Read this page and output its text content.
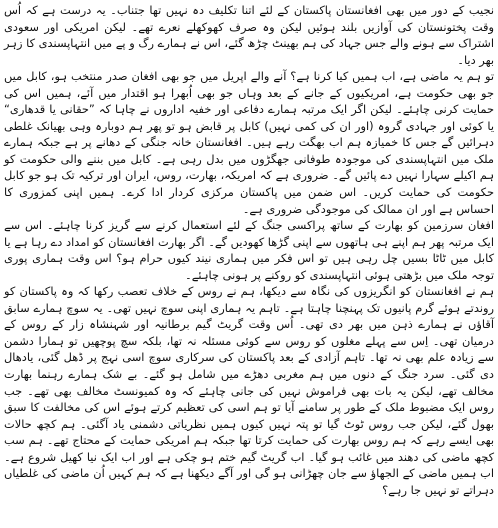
نجیب کے دور میں بھی افغانستان پاکستان کے لئے اتنا تکلیف دہ نہیں تھا جتناب۔ یہ درست ہے کہ اُس وقت پختونستان کی آوازیں بلند ہوئیں لیکن وہ صرف کھوکھلے نعرے تھے۔ لیکن امریکی اور سعودی اشتراک سے ہونے والے جس جہاد کی ہم بھینٹ چڑھ گئے، اس نے ہمارے رگ و پے میں انتہاپسندی کا زہر بھر دیا۔

تو ہم یہ ماضی ہے، اب ہمیں کیا کرنا ہے؟ آنے والے اپریل میں جو بھی افغان صدر منتخب ہو، کابل میں جو بھی حکومت ہے، امریکیوں کے جانے کے بعد وہاں جو بھی اُبھرا ہو اقتدار میں آئے، ہمیں اس کی حمایت کرنی چاہئے۔ لیکن اگر ایک مرتبہ ہمارے دفاعی اور خفیہ اداروں نے چاہا کہ ”حقانی یا قدھاری“ یا کوئی اور جہادی گروہ (اور ان کی کمی نہیں) کابل پر قابض ہو تو پھر ہم دوبارہ وہی بھیانک غلطی دہرائیں گے جس کا خمیازہ ہم اب بھگت رہے ہیں۔ افغانستان خانہ جنگی کے دھانے پر ہے جبکہ ہمارے ملک میں انتہاپسندی کی موجودہ طوفانی جھگڑوں میں بدل رہی ہے۔ کابل میں بننے والی حکومت کو ہم اکیلے سہارا نہیں دے پائیں گے۔ ضروری ہے کہ امریکہ، بھارت، روس، ایران اور ترکیہ تک ہو جو کابل حکومت کی حمایت کریں۔ اس ضمن میں پاکستان مرکزی کردار ادا کرے۔ ہمیں اپنی کمزوری کا احساس ہے اور ان ممالک کی موجودگی ضروری ہے۔

افغان سرزمین کو بھارت کے ساتھ پراکسی جنگ کے لئے استعمال کرنے سے گریز کرنا چاہئے۔ اس سے ایک مرتبہ پھر ہم اپنے ہی ہاتھوں سے اپنی گڑھا کھودیں گے۔ اگر بھارت افغانستان کو امداد دے رہا ہے یا کابل میں ٹاٹا بسیں چل رہی ہیں تو اس فکر میں ہماری نیند کیوں حرام ہو؟ اس وقت ہماری پوری توجہ ملک میں بڑھتی ہوئی انتہاپسندی کو روکنے پر ہونی چاہئے۔

ہم نے افغانستان کو انگریزوں کی نگاہ سے دیکھا، ہم نے روس کے خلاف تعصب رکھا کہ وہ پاکستان کو روندتے ہوئے گرم پانیوں تک پہنچنا چاہتا ہے۔ تاہم یہ ہماری اپنی سوچ نہیں تھی۔ یہ سوچ ہمارے سابق آقاؤں نے ہمارے ذہن میں بھر دی تھی۔ اُس وقت گریٹ گیم برطانیہ اور شہنشاہ زار کے روس کے درمیان تھی۔ اِس سے پہلے مغلوں کو روس سے کوئی مسئلہ نہ تھا، بلکہ سچ پوچھیں تو ہمارا دشمن سے زیادہ علم بھی نہ تھا۔ تاہم آزادی کے بعد پاکستان کی سرکاری سوچ اسی نہج پر ڈھل گئی، یادھال دی گئی۔ سرد جنگ کے دنوں میں ہم مغربی دھڑے میں شامل ہو گئے۔ بے شک ہمارے رہنما بھارت مخالف تھے، لیکن یہ بات بھی فراموش نہیں کی جانی چاہئے کہ وہ کمیونسٹ مخالف بھی تھے۔ جب روس ایک مضبوط ملک کے طور پر سامنے آیا تو ہم اسی کی تعظیم کرتے ہوئے اس کی مخالفت کا سبق بھول گئے، لیکن جب روس ٹوٹ گیا تو پتہ نہیں کیوں ہمیں نظریاتی دشمنی یاد آگئی۔ ہم کچھ حالات بھی ایسے رہے کہ ہم روس بھارت کی حمایت کرتا تھا جبکہ ہم امریکی حمایت کے محتاج تھے۔ ہم سب کچھ ماضی کی دھند میں غائب ہو گیا۔ اب گریٹ گیم ختم ہو چکی ہے اور اب ایک نیا کھیل شروع ہے۔ اب ہمیں ماضی کے الجھاؤ سے جان چھڑانی ہو گی اور آگے دیکھنا ہے کہ ہم کہیں اُن ماضی کی غلطیاں دہراتے تو نہیں جا رہے؟
